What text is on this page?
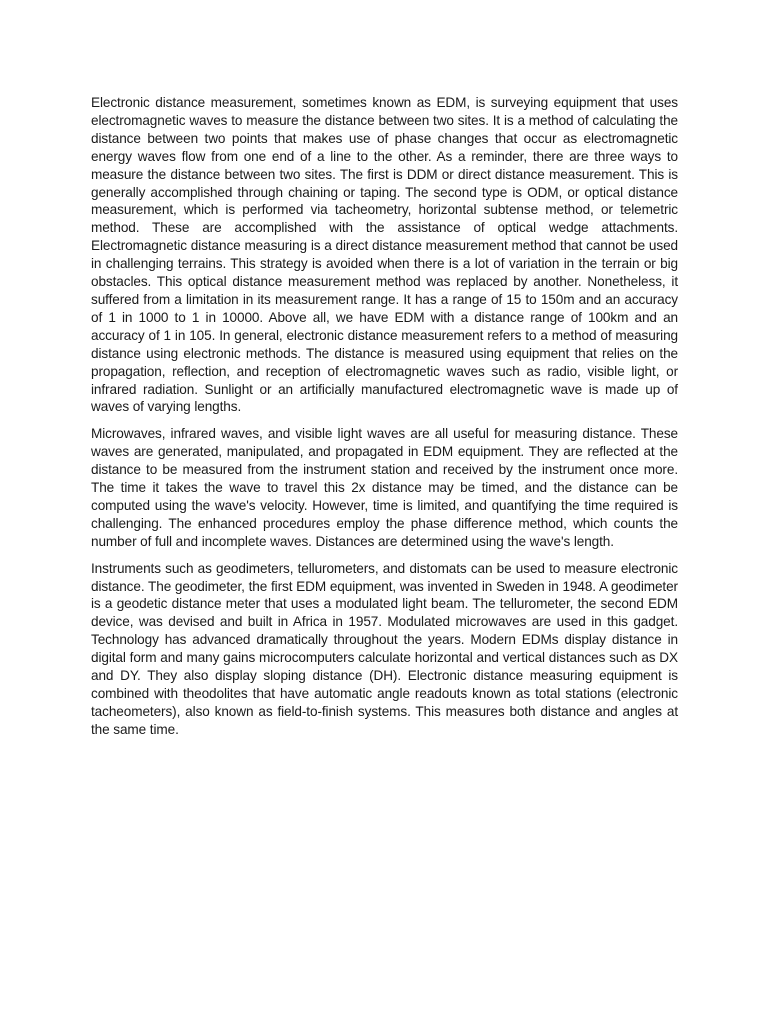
Electronic distance measurement, sometimes known as EDM, is surveying equipment that uses electromagnetic waves to measure the distance between two sites. It is a method of calculating the distance between two points that makes use of phase changes that occur as electromagnetic energy waves flow from one end of a line to the other. As a reminder, there are three ways to measure the distance between two sites. The first is DDM or direct distance measurement. This is generally accomplished through chaining or taping. The second type is ODM, or optical distance measurement, which is performed via tacheometry, horizontal subtense method, or telemetric method. These are accomplished with the assistance of optical wedge attachments. Electromagnetic distance measuring is a direct distance measurement method that cannot be used in challenging terrains. This strategy is avoided when there is a lot of variation in the terrain or big obstacles. This optical distance measurement method was replaced by another. Nonetheless, it suffered from a limitation in its measurement range. It has a range of 15 to 150m and an accuracy of 1 in 1000 to 1 in 10000. Above all, we have EDM with a distance range of 100km and an accuracy of 1 in 105. In general, electronic distance measurement refers to a method of measuring distance using electronic methods. The distance is measured using equipment that relies on the propagation, reflection, and reception of electromagnetic waves such as radio, visible light, or infrared radiation. Sunlight or an artificially manufactured electromagnetic wave is made up of waves of varying lengths.

Microwaves, infrared waves, and visible light waves are all useful for measuring distance. These waves are generated, manipulated, and propagated in EDM equipment. They are reflected at the distance to be measured from the instrument station and received by the instrument once more. The time it takes the wave to travel this 2x distance may be timed, and the distance can be computed using the wave's velocity. However, time is limited, and quantifying the time required is challenging. The enhanced procedures employ the phase difference method, which counts the number of full and incomplete waves. Distances are determined using the wave's length.

Instruments such as geodimeters, tellurometers, and distomats can be used to measure electronic distance. The geodimeter, the first EDM equipment, was invented in Sweden in 1948. A geodimeter is a geodetic distance meter that uses a modulated light beam. The tellurometer, the second EDM device, was devised and built in Africa in 1957. Modulated microwaves are used in this gadget. Technology has advanced dramatically throughout the years. Modern EDMs display distance in digital form and many gains microcomputers calculate horizontal and vertical distances such as DX and DY. They also display sloping distance (DH). Electronic distance measuring equipment is combined with theodolites that have automatic angle readouts known as total stations (electronic tacheometers), also known as field-to-finish systems. This measures both distance and angles at the same time.
